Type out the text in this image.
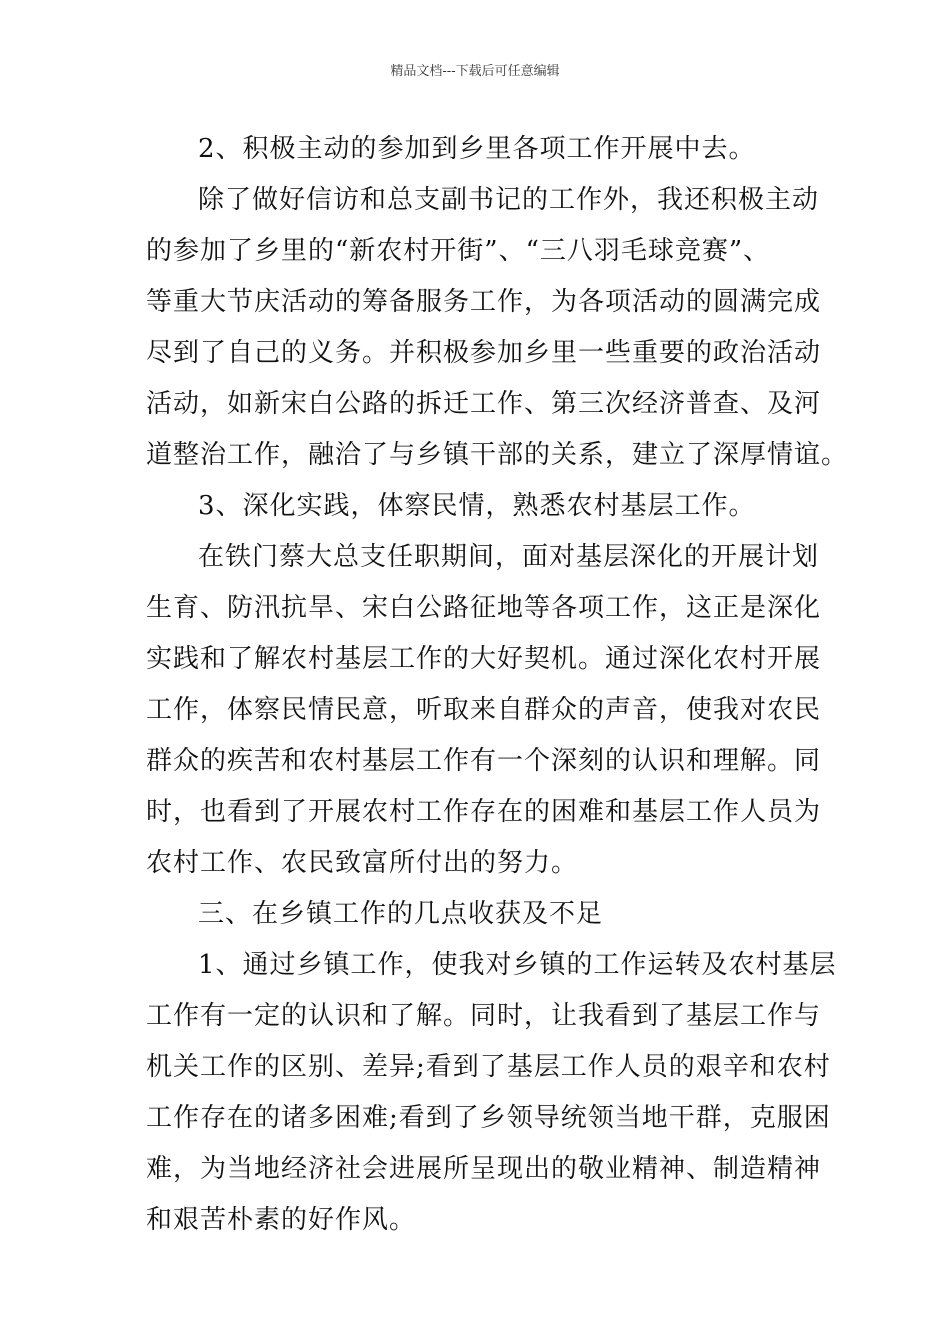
精品文档---下载后可任意编辑
2、积极主动的参加到乡里各项工作开展中去。
除了做好信访和总支副书记的工作外，我还积极主动
的参加了乡里的“新农村开街”、“三八羽毛球竞赛”、
等重大节庆活动的筹备服务工作，为各项活动的圆满完成
尽到了自己的义务。并积极参加乡里一些重要的政治活动
活动，如新宋白公路的拆迁工作、第三次经济普查、及河
道整治工作，融洽了与乡镇干部的关系，建立了深厚情谊。
3、深化实践，体察民情，熟悉农村基层工作。
在铁门蔡大总支任职期间，面对基层深化的开展计划
生育、防汛抗旱、宋白公路征地等各项工作，这正是深化
实践和了解农村基层工作的大好契机。通过深化农村开展
工作，体察民情民意，听取来自群众的声音，使我对农民
群众的疾苦和农村基层工作有一个深刻的认识和理解。同
时，也看到了开展农村工作存在的困难和基层工作人员为
农村工作、农民致富所付出的努力。
三、在乡镇工作的几点收获及不足
1、通过乡镇工作，使我对乡镇的工作运转及农村基层
工作有一定的认识和了解。同时，让我看到了基层工作与
机关工作的区别、差异;看到了基层工作人员的艰辛和农村
工作存在的诸多困难;看到了乡领导统领当地干群，克服困
难，为当地经济社会进展所呈现出的敬业精神、制造精神
和艰苦朴素的好作风。
